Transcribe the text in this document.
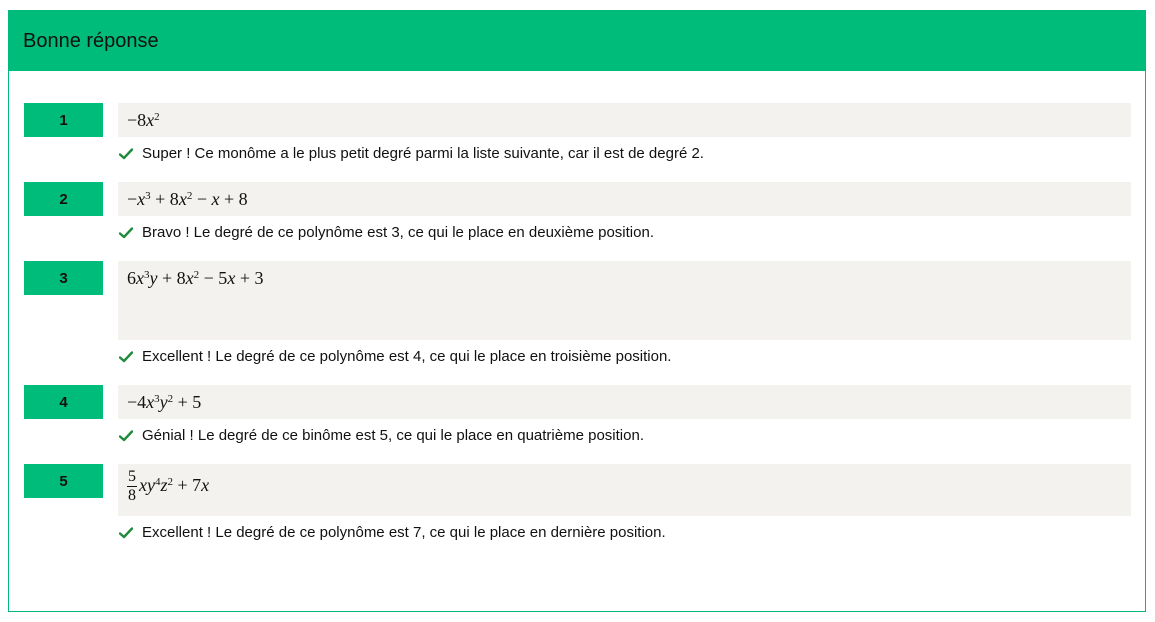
Bonne réponse
1	$-8x^2$
Super ! Ce monôme a le plus petit degré parmi la liste suivante, car il est de degré 2.
2	$-x^3 + 8x^2 - x + 8$
Bravo ! Le degré de ce polynôme est 3, ce qui le place en deuxième position.
3	$6x^3y + 8x^2 - 5x + 3$
Excellent ! Le degré de ce polynôme est 4, ce qui le place en troisième position.
4	$-4x^3y^2 + 5$
Génial ! Le degré de ce binôme est 5, ce qui le place en quatrième position.
5	$\frac{5}{8} xy^4z^2 + 7x$
Excellent ! Le degré de ce polynôme est 7, ce qui le place en dernière position.
